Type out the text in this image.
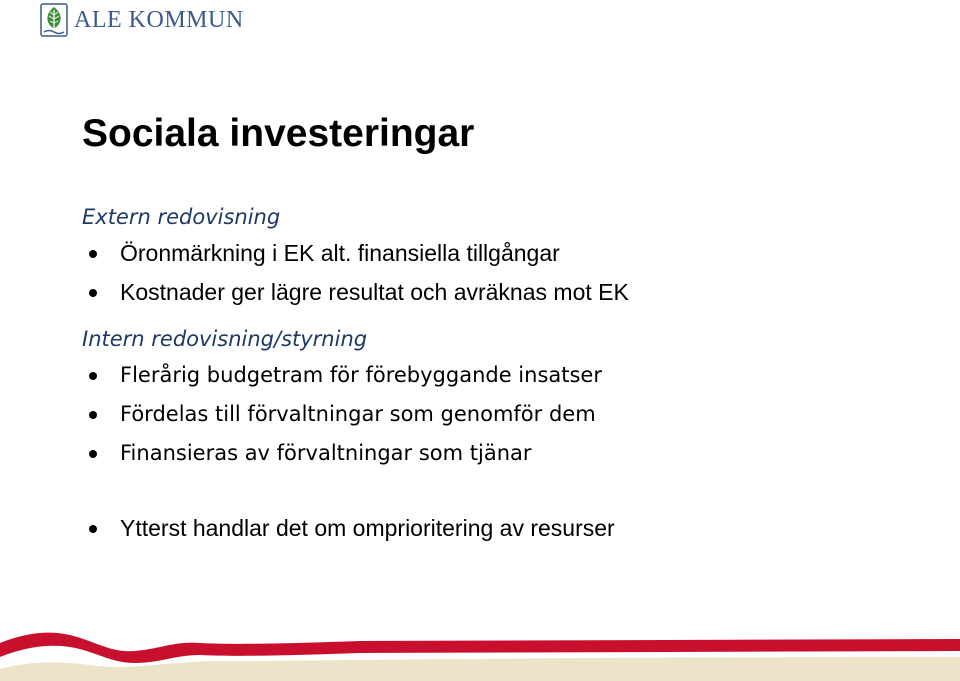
ALE KOMMUN
Sociala investeringar
Extern redovisning
Öronmärkning i EK alt. finansiella tillgångar
Kostnader ger lägre resultat och avräknas mot EK
Intern redovisning/styrning
Flerårig budgetram för förebyggande insatser
Fördelas till förvaltningar som genomför dem
Finansieras av förvaltningar som tjänar
Ytterst handlar det om omprioritering av resurser
